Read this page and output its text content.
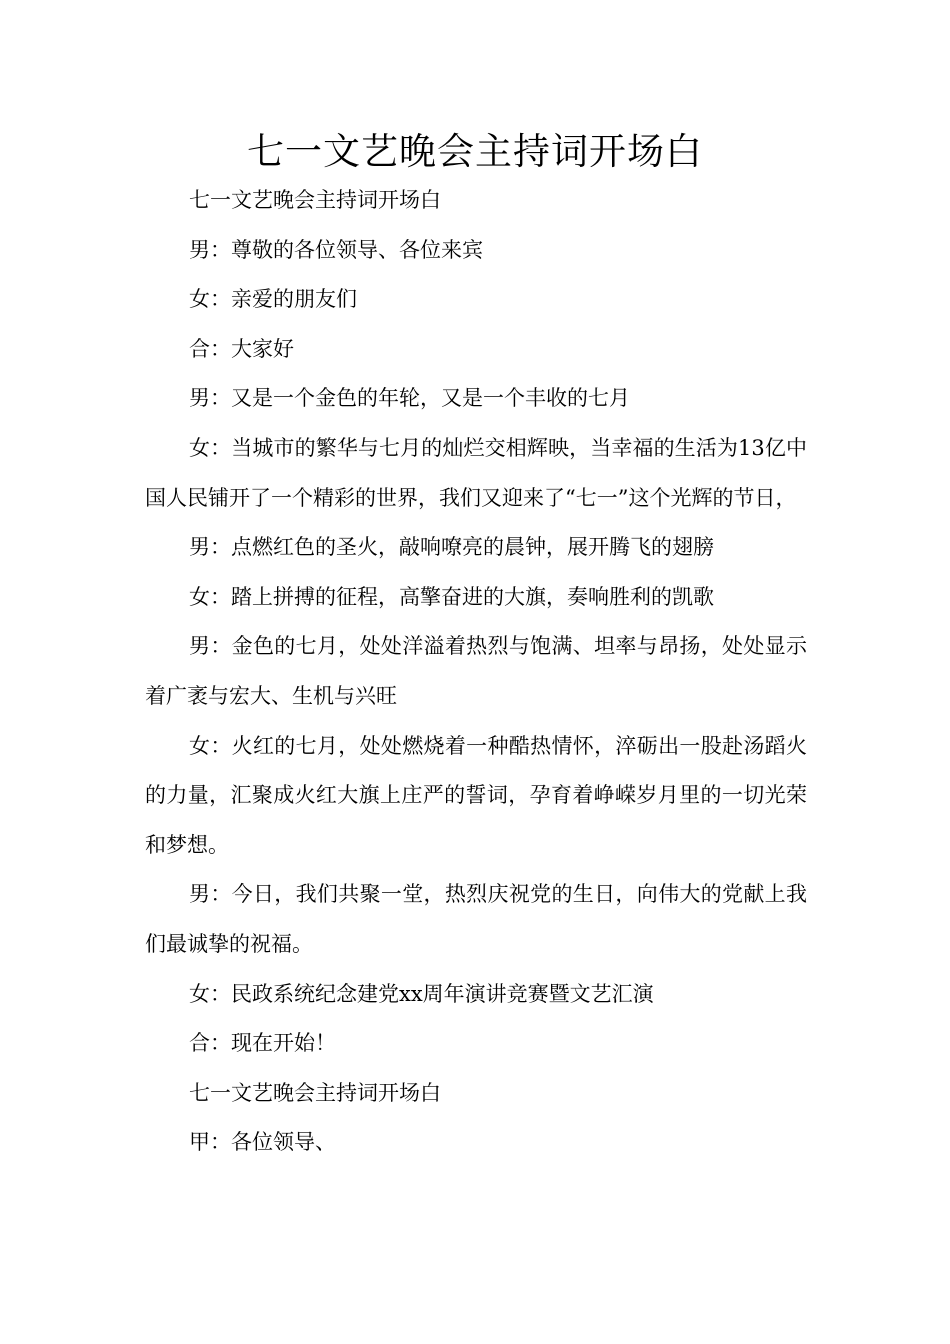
七一文艺晚会主持词开场白

七一文艺晚会主持词开场白

男：尊敬的各位领导、各位来宾

女：亲爱的朋友们

合：大家好

男：又是一个金色的年轮，又是一个丰收的七月

女：当城市的繁华与七月的灿烂交相辉映，当幸福的生活为13亿中国人民铺开了一个精彩的世界，我们又迎来了“七一”这个光辉的节日，

男：点燃红色的圣火，敲响嘹亮的晨钟，展开腾飞的翅膀

女：踏上拼搏的征程，高擎奋进的大旗，奏响胜利的凯歌

男：金色的七月，处处洋溢着热烈与饱满、坦率与昂扬，处处显示着广袤与宏大、生机与兴旺

女：火红的七月，处处燃烧着一种酷热情怀，淬砺出一股赴汤蹈火的力量，汇聚成火红大旗上庄严的誓词，孕育着峥嵘岁月里的一切光荣和梦想。

男：今日，我们共聚一堂，热烈庆祝党的生日，向伟大的党献上我们最诚挚的祝福。

女：民政系统纪念建党xx周年演讲竞赛暨文艺汇演

合：现在开始！

七一文艺晚会主持词开场白

甲：各位领导、
